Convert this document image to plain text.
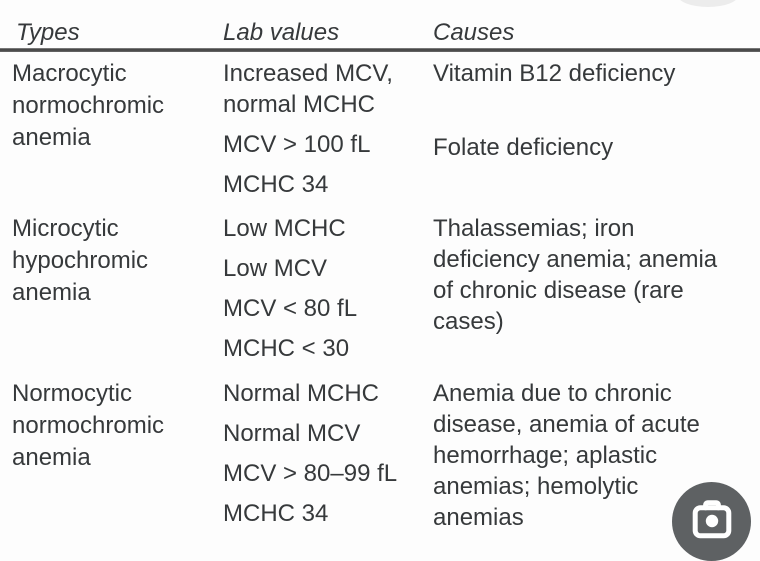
Types	Lab values	Causes
Macrocytic normochromic anemia
Increased MCV, normal MCHC
MCV > 100 fL
MCHC 34
Vitamin B12 deficiency
Folate deficiency
Microcytic hypochromic anemia
Low MCHC
Low MCV
MCV < 80 fL
MCHC < 30
Thalassemias; iron
deficiency anemia; anemia
of chronic disease (rare
cases)
Normocytic normochromic anemia
Normal MCHC
Normal MCV
MCV > 80–99 fL
MCHC 34
Anemia due to chronic
disease, anemia of acute
hemorrhage; aplastic
anemias; hemolytic
anemias
